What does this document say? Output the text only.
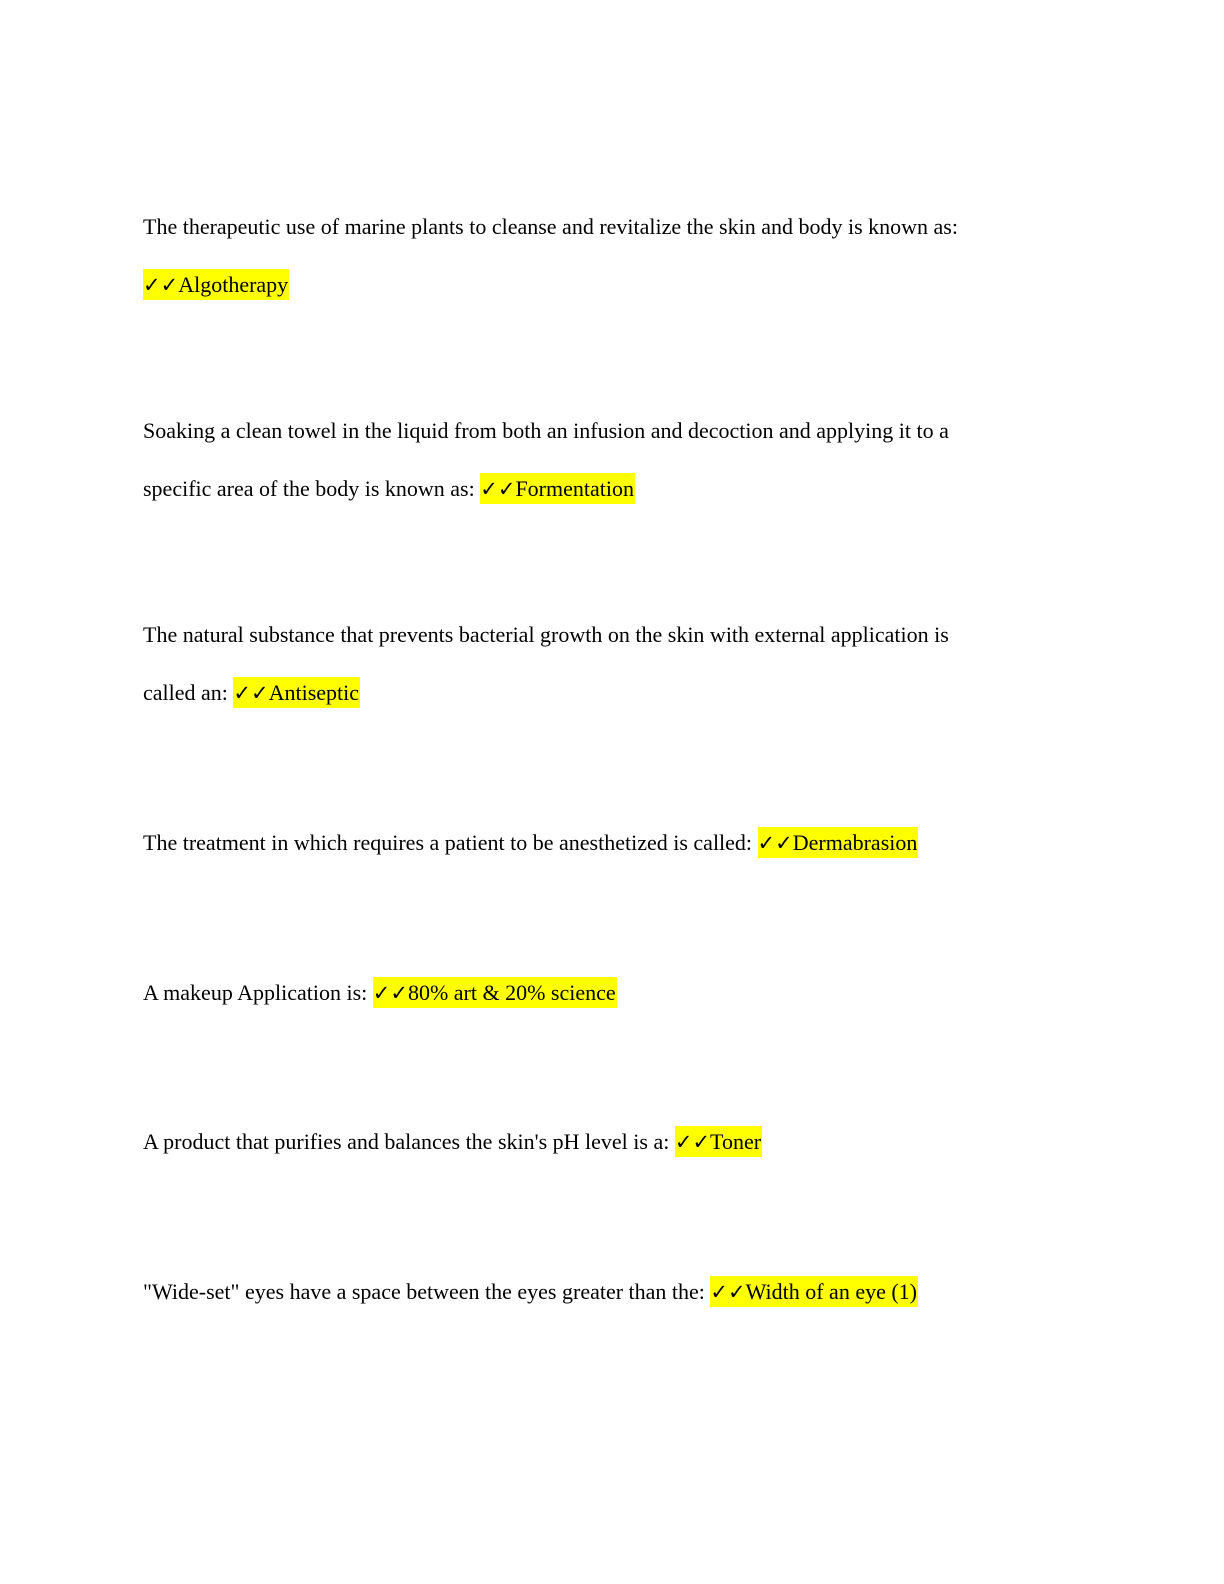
The therapeutic use of marine plants to cleanse and revitalize the skin and body is known as:
✓✓Algotherapy
Soaking a clean towel in the liquid from both an infusion and decoction and applying it to a
specific area of the body is known as: ✓✓Formentation
The natural substance that prevents bacterial growth on the skin with external application is
called an: ✓✓Antiseptic
The treatment in which requires a patient to be anesthetized is called: ✓✓Dermabrasion
A makeup Application is: ✓✓80% art & 20% science
A product that purifies and balances the skin's pH level is a: ✓✓Toner
"Wide-set" eyes have a space between the eyes greater than the: ✓✓Width of an eye (1)
